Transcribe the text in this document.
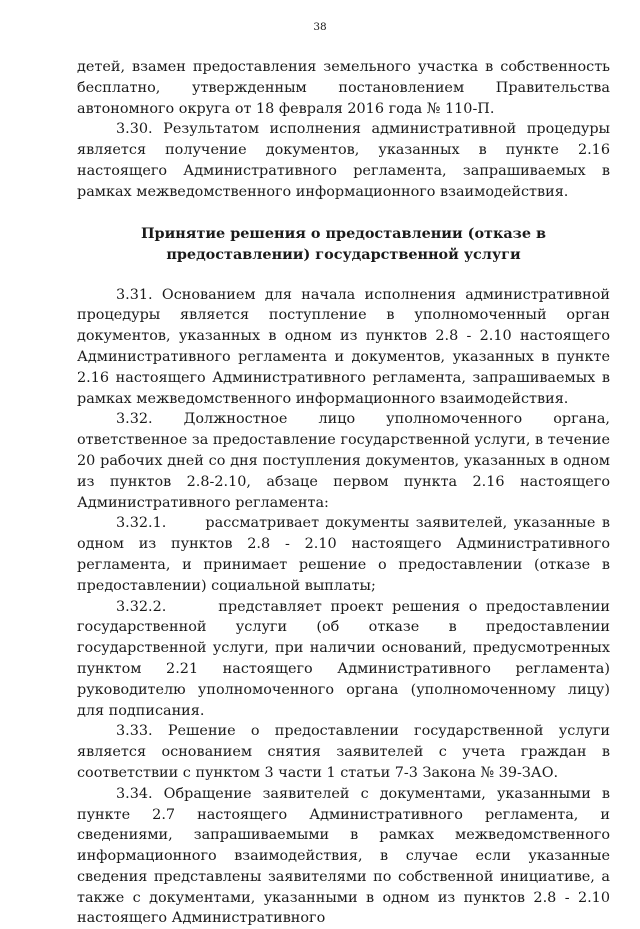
38

детей, взамен предоставления земельного участка в собственность бесплатно, утвержденным постановлением Правительства автономного округа от 18 февраля 2016 года № 110-П.

3.30. Результатом исполнения административной процедуры является получение документов, указанных в пункте 2.16 настоящего Административного регламента, запрашиваемых в рамках межведомственного информационного взаимодействия.

Принятие решения о предоставлении (отказе в предоставлении) государственной услуги

3.31. Основанием для начала исполнения административной процедуры является поступление в уполномоченный орган документов, указанных в одном из пунктов 2.8 - 2.10 настоящего Административного регламента и документов, указанных в пункте 2.16 настоящего Административного регламента, запрашиваемых в рамках межведомственного информационного взаимодействия.

3.32. Должностное лицо уполномоченного органа, ответственное за предоставление государственной услуги, в течение 20 рабочих дней со дня поступления документов, указанных в одном из пунктов 2.8-2.10, абзаце первом пункта 2.16 настоящего Административного регламента:

3.32.1.      рассматривает документы заявителей, указанные в одном из пунктов 2.8 - 2.10 настоящего Административного регламента, и принимает решение о предоставлении (отказе в предоставлении) социальной выплаты;

3.32.2.      представляет проект решения о предоставлении государственной услуги (об отказе в предоставлении государственной услуги, при наличии оснований, предусмотренных пунктом 2.21 настоящего Административного регламента) руководителю уполномоченного органа (уполномоченному лицу) для подписания.

3.33. Решение о предоставлении государственной услуги является основанием снятия заявителей с учета граждан в соответствии с пунктом 3 части 1 статьи 7-3 Закона № 39-ЗАО.

3.34. Обращение заявителей с документами, указанными в пункте 2.7 настоящего Административного регламента, и сведениями, запрашиваемыми в рамках межведомственного информационного взаимодействия, в случае если указанные сведения представлены заявителями по собственной инициативе, а также с документами, указанными в одном из пунктов 2.8 - 2.10 настоящего Административного
